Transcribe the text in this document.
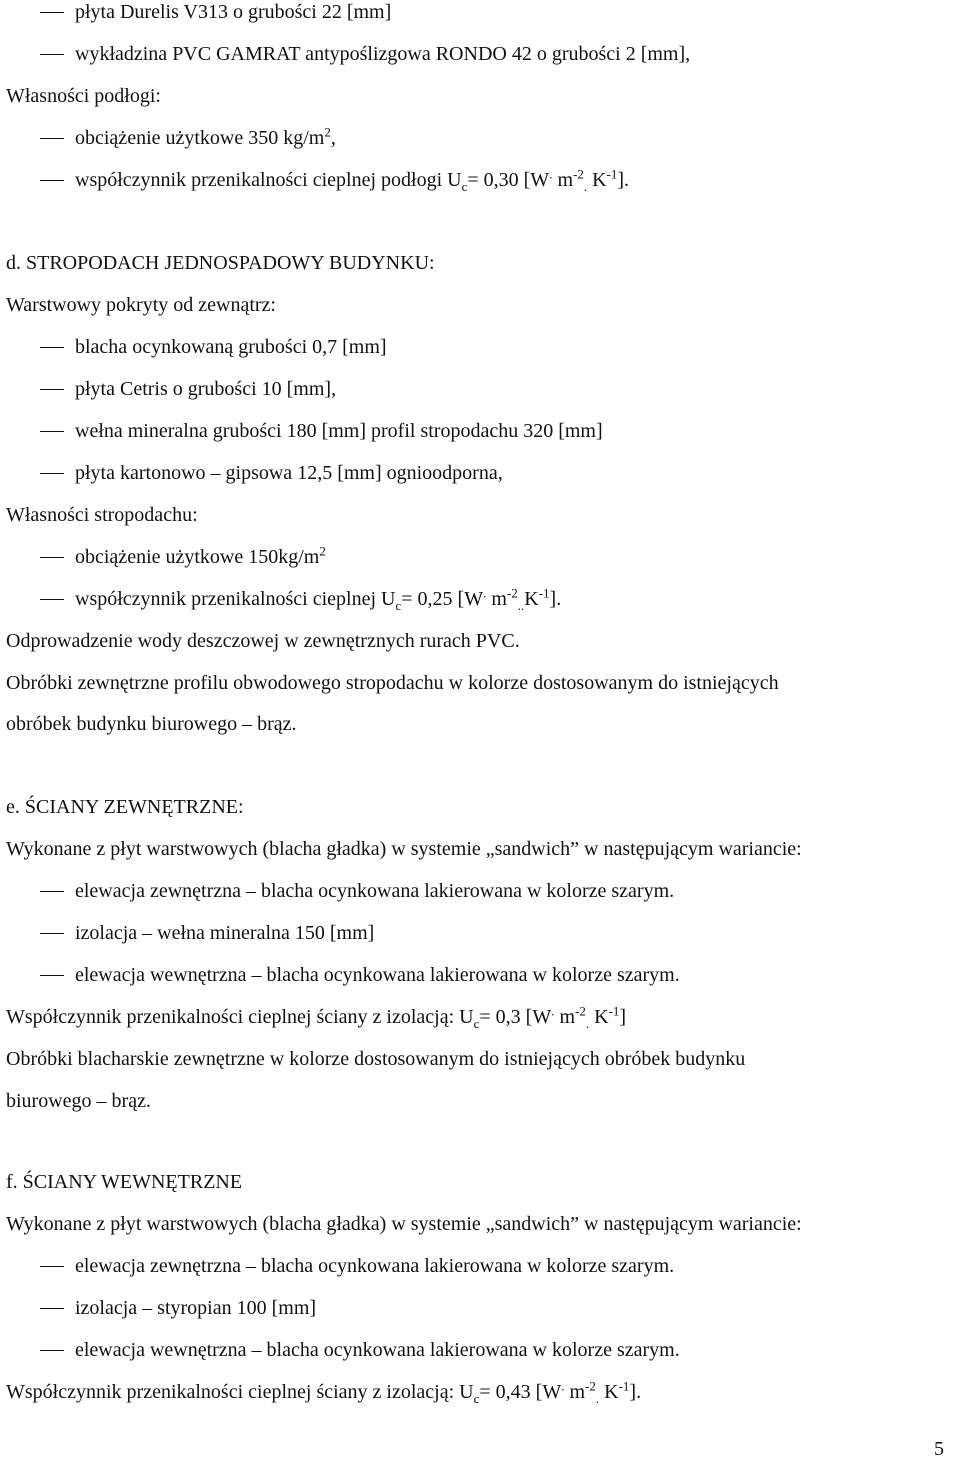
płyta Durelis V313 o grubości 22 [mm]
wykładzina PVC GAMRAT antypoślizgowa RONDO 42 o grubości 2 [mm],
Własności podłogi:
obciążenie użytkowe 350 $kg/m^2$,
współczynnik przenikalności cieplnej podłogi $U_c= 0,30$ [W. $m^{-2}_.$ $K^{-1}$].
d. STROPODACH JEDNOSPADOWY BUDYNKU:
Warstwowy pokryty od zewnątrz:
blacha ocynkowaną grubości 0,7 [mm]
płyta Cetris o grubości 10 [mm],
wełna mineralna grubości 180 [mm] profil stropodachu 320 [mm]
płyta kartonowo – gipsowa 12,5 [mm] ognioodporna,
Własności stropodachu:
obciążenie użytkowe $150kg/m^2$
współczynnik przenikalności cieplnej $U_c= 0,25$ [W. $m^{-2}_{..}K^{-1}$].
Odprowadzenie wody deszczowej w zewnętrznych rurach PVC.
Obróbki zewnętrzne profilu obwodowego stropodachu w kolorze dostosowanym do istniejących
obróbek budynku biurowego – brąz.
e. ŚCIANY ZEWNĘTRZNE:
Wykonane z płyt warstwowych (blacha gładka) w systemie „sandwich” w następującym wariancie:
elewacja zewnętrzna – blacha ocynkowana lakierowana w kolorze szarym.
izolacja – wełna mineralna 150 [mm]
elewacja wewnętrzna – blacha ocynkowana lakierowana w kolorze szarym.
Współczynnik przenikalności cieplnej ściany z izolacją: $U_c= 0,3$ [W. $m^{-2}_.$ $K^{-1}$]
Obróbki blacharskie zewnętrzne w kolorze dostosowanym do istniejących obróbek budynku
biurowego – brąz.
f. ŚCIANY WEWNĘTRZNE
Wykonane z płyt warstwowych (blacha gładka) w systemie „sandwich” w następującym wariancie:
elewacja zewnętrzna – blacha ocynkowana lakierowana w kolorze szarym.
izolacja – styropian 100 [mm]
elewacja wewnętrzna – blacha ocynkowana lakierowana w kolorze szarym.
Współczynnik przenikalności cieplnej ściany z izolacją: $U_c= 0,43$ [W. $m^{-2}_.$ $K^{-1}$].
5
